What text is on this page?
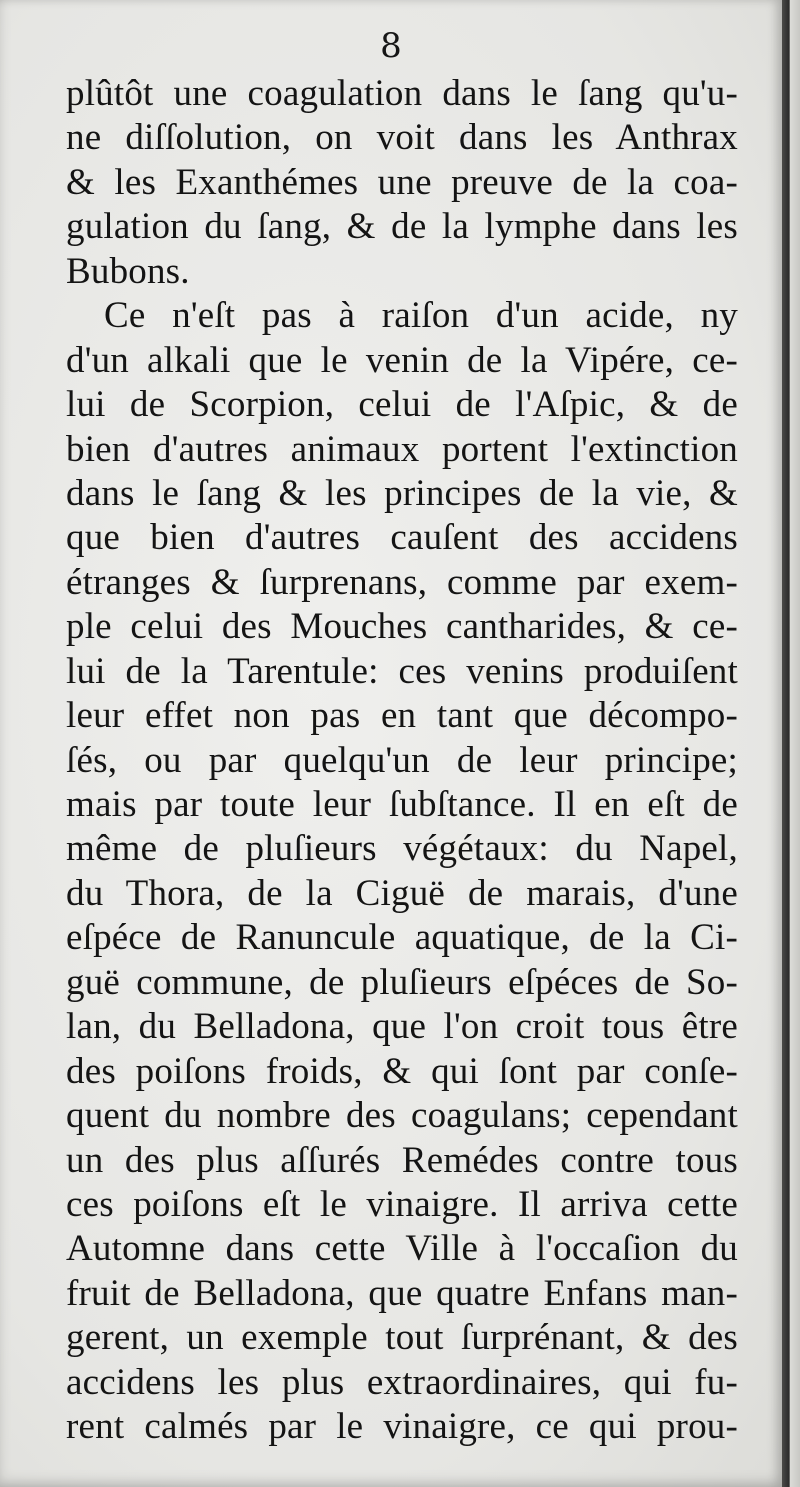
8
plûtôt une coagulation dans le ſang qu'u-
ne diſſolution, on voit dans les Anthrax
& les Exanthémes une preuve de la coa-
gulation du ſang, & de la lymphe dans les
Bubons.
Ce n'eſt pas à raiſon d'un acide, ny
d'un alkali que le venin de la Vipére, ce-
lui de Scorpion, celui de l'Aſpic, & de
bien d'autres animaux portent l'extinction
dans le ſang & les principes de la vie, &
que bien d'autres cauſent des accidens
étranges & ſurprenans, comme par exem-
ple celui des Mouches cantharides, & ce-
lui de la Tarentule: ces venins produiſent
leur effet non pas en tant que décompo-
ſés, ou par quelqu'un de leur principe;
mais par toute leur ſubſtance. Il en eſt de
même de pluſieurs végétaux: du Napel,
du Thora, de la Ciguë de marais, d'une
eſpéce de Ranuncule aquatique, de la Ci-
guë commune, de pluſieurs eſpéces de So-
lan, du Belladona, que l'on croit tous être
des poiſons froids, & qui ſont par conſe-
quent du nombre des coagulans; cependant
un des plus aſſurés Remédes contre tous
ces poiſons eſt le vinaigre. Il arriva cette
Automne dans cette Ville à l'occaſion du
fruit de Belladona, que quatre Enfans man-
gerent, un exemple tout ſurprénant, & des
accidens les plus extraordinaires, qui fu-
rent calmés par le vinaigre, ce qui prou-
